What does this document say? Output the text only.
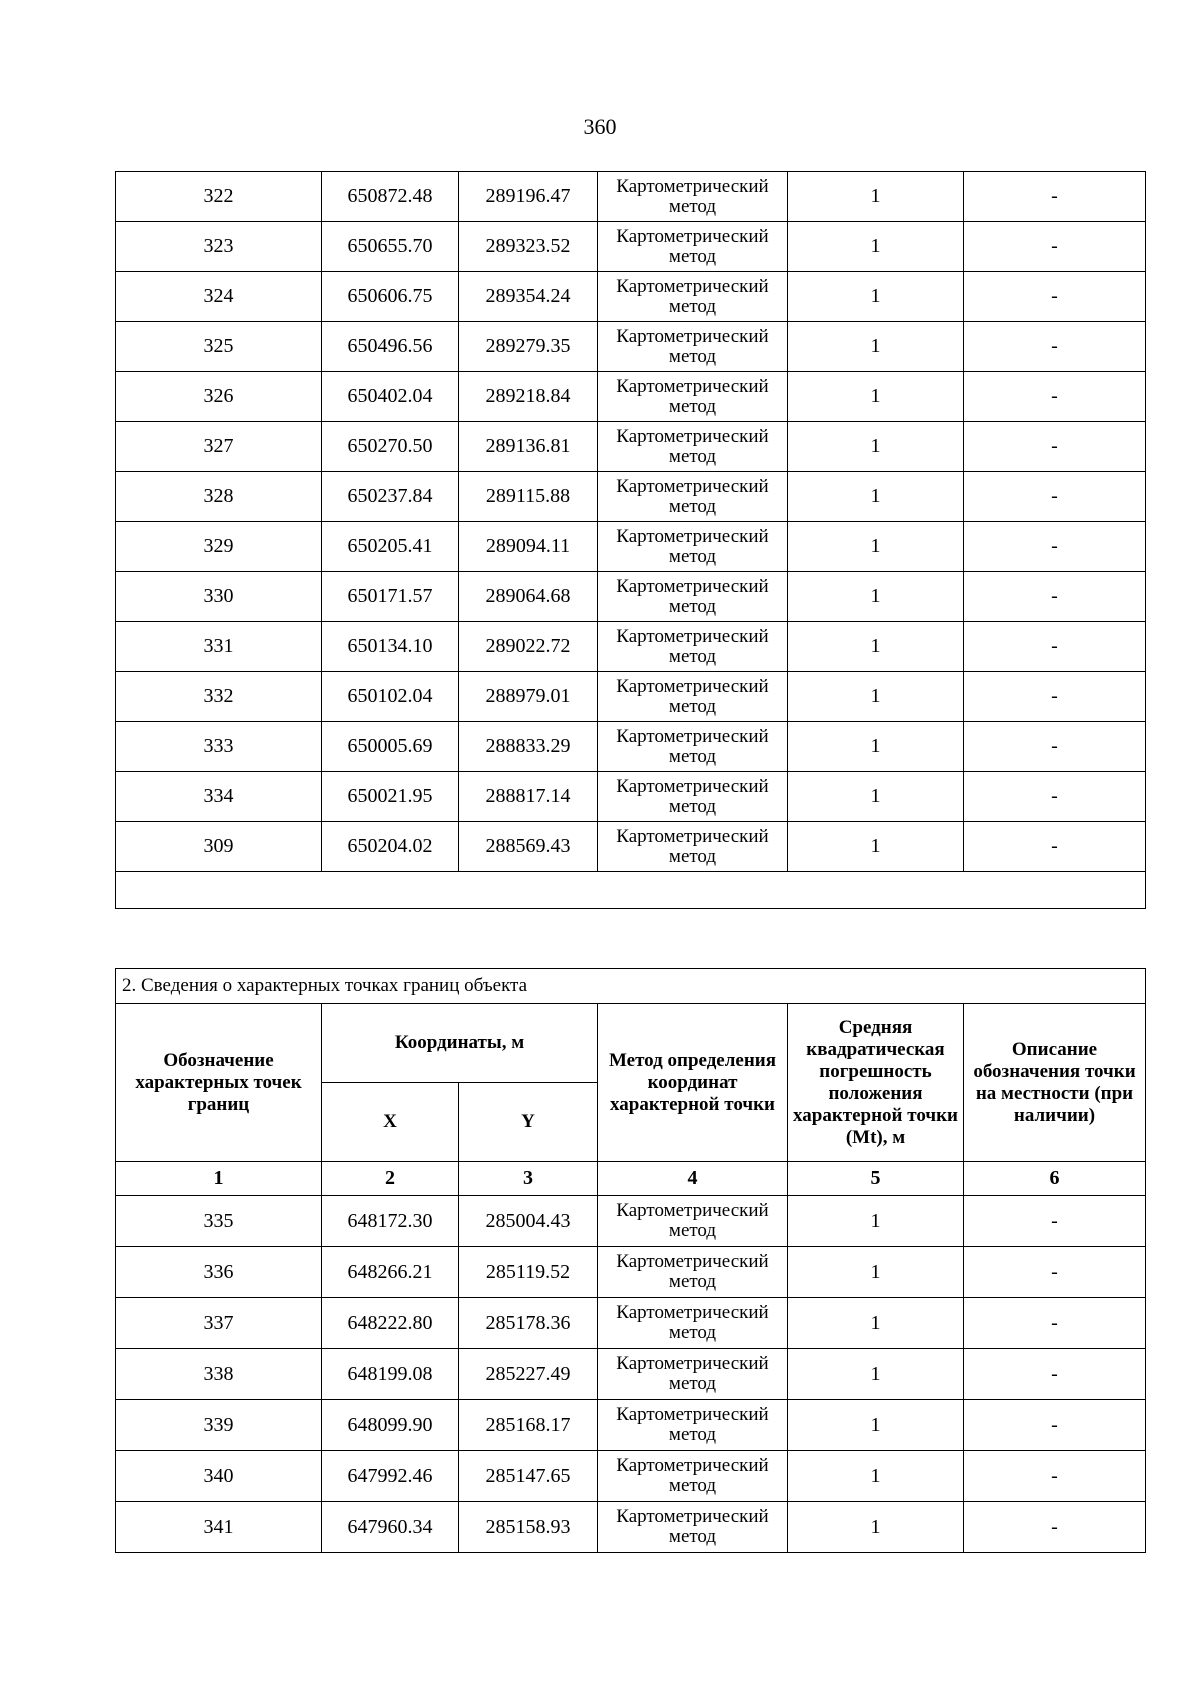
360
322	650872.48	289196.47	Картометрический метод	1	-
323	650655.70	289323.52	Картометрический метод	1	-
324	650606.75	289354.24	Картометрический метод	1	-
325	650496.56	289279.35	Картометрический метод	1	-
326	650402.04	289218.84	Картометрический метод	1	-
327	650270.50	289136.81	Картометрический метод	1	-
328	650237.84	289115.88	Картометрический метод	1	-
329	650205.41	289094.11	Картометрический метод	1	-
330	650171.57	289064.68	Картометрический метод	1	-
331	650134.10	289022.72	Картометрический метод	1	-
332	650102.04	288979.01	Картометрический метод	1	-
333	650005.69	288833.29	Картометрический метод	1	-
334	650021.95	288817.14	Картометрический метод	1	-
309	650204.02	288569.43	Картометрический метод	1	-

2. Сведения о характерных точках границ объекта					
Обозначение характерных точек границ	Координаты, м		Метод определения координат характерной точки	Средняя квадратическая погрешность положения характерной точки (Mt), м	Описание обозначения точки на местности (при наличии)
	X	Y			
1	2	3	4	5	6
335	648172.30	285004.43	Картометрический метод	1	-
336	648266.21	285119.52	Картометрический метод	1	-
337	648222.80	285178.36	Картометрический метод	1	-
338	648199.08	285227.49	Картометрический метод	1	-
339	648099.90	285168.17	Картометрический метод	1	-
340	647992.46	285147.65	Картометрический метод	1	-
341	647960.34	285158.93	Картометрический метод	1	-
